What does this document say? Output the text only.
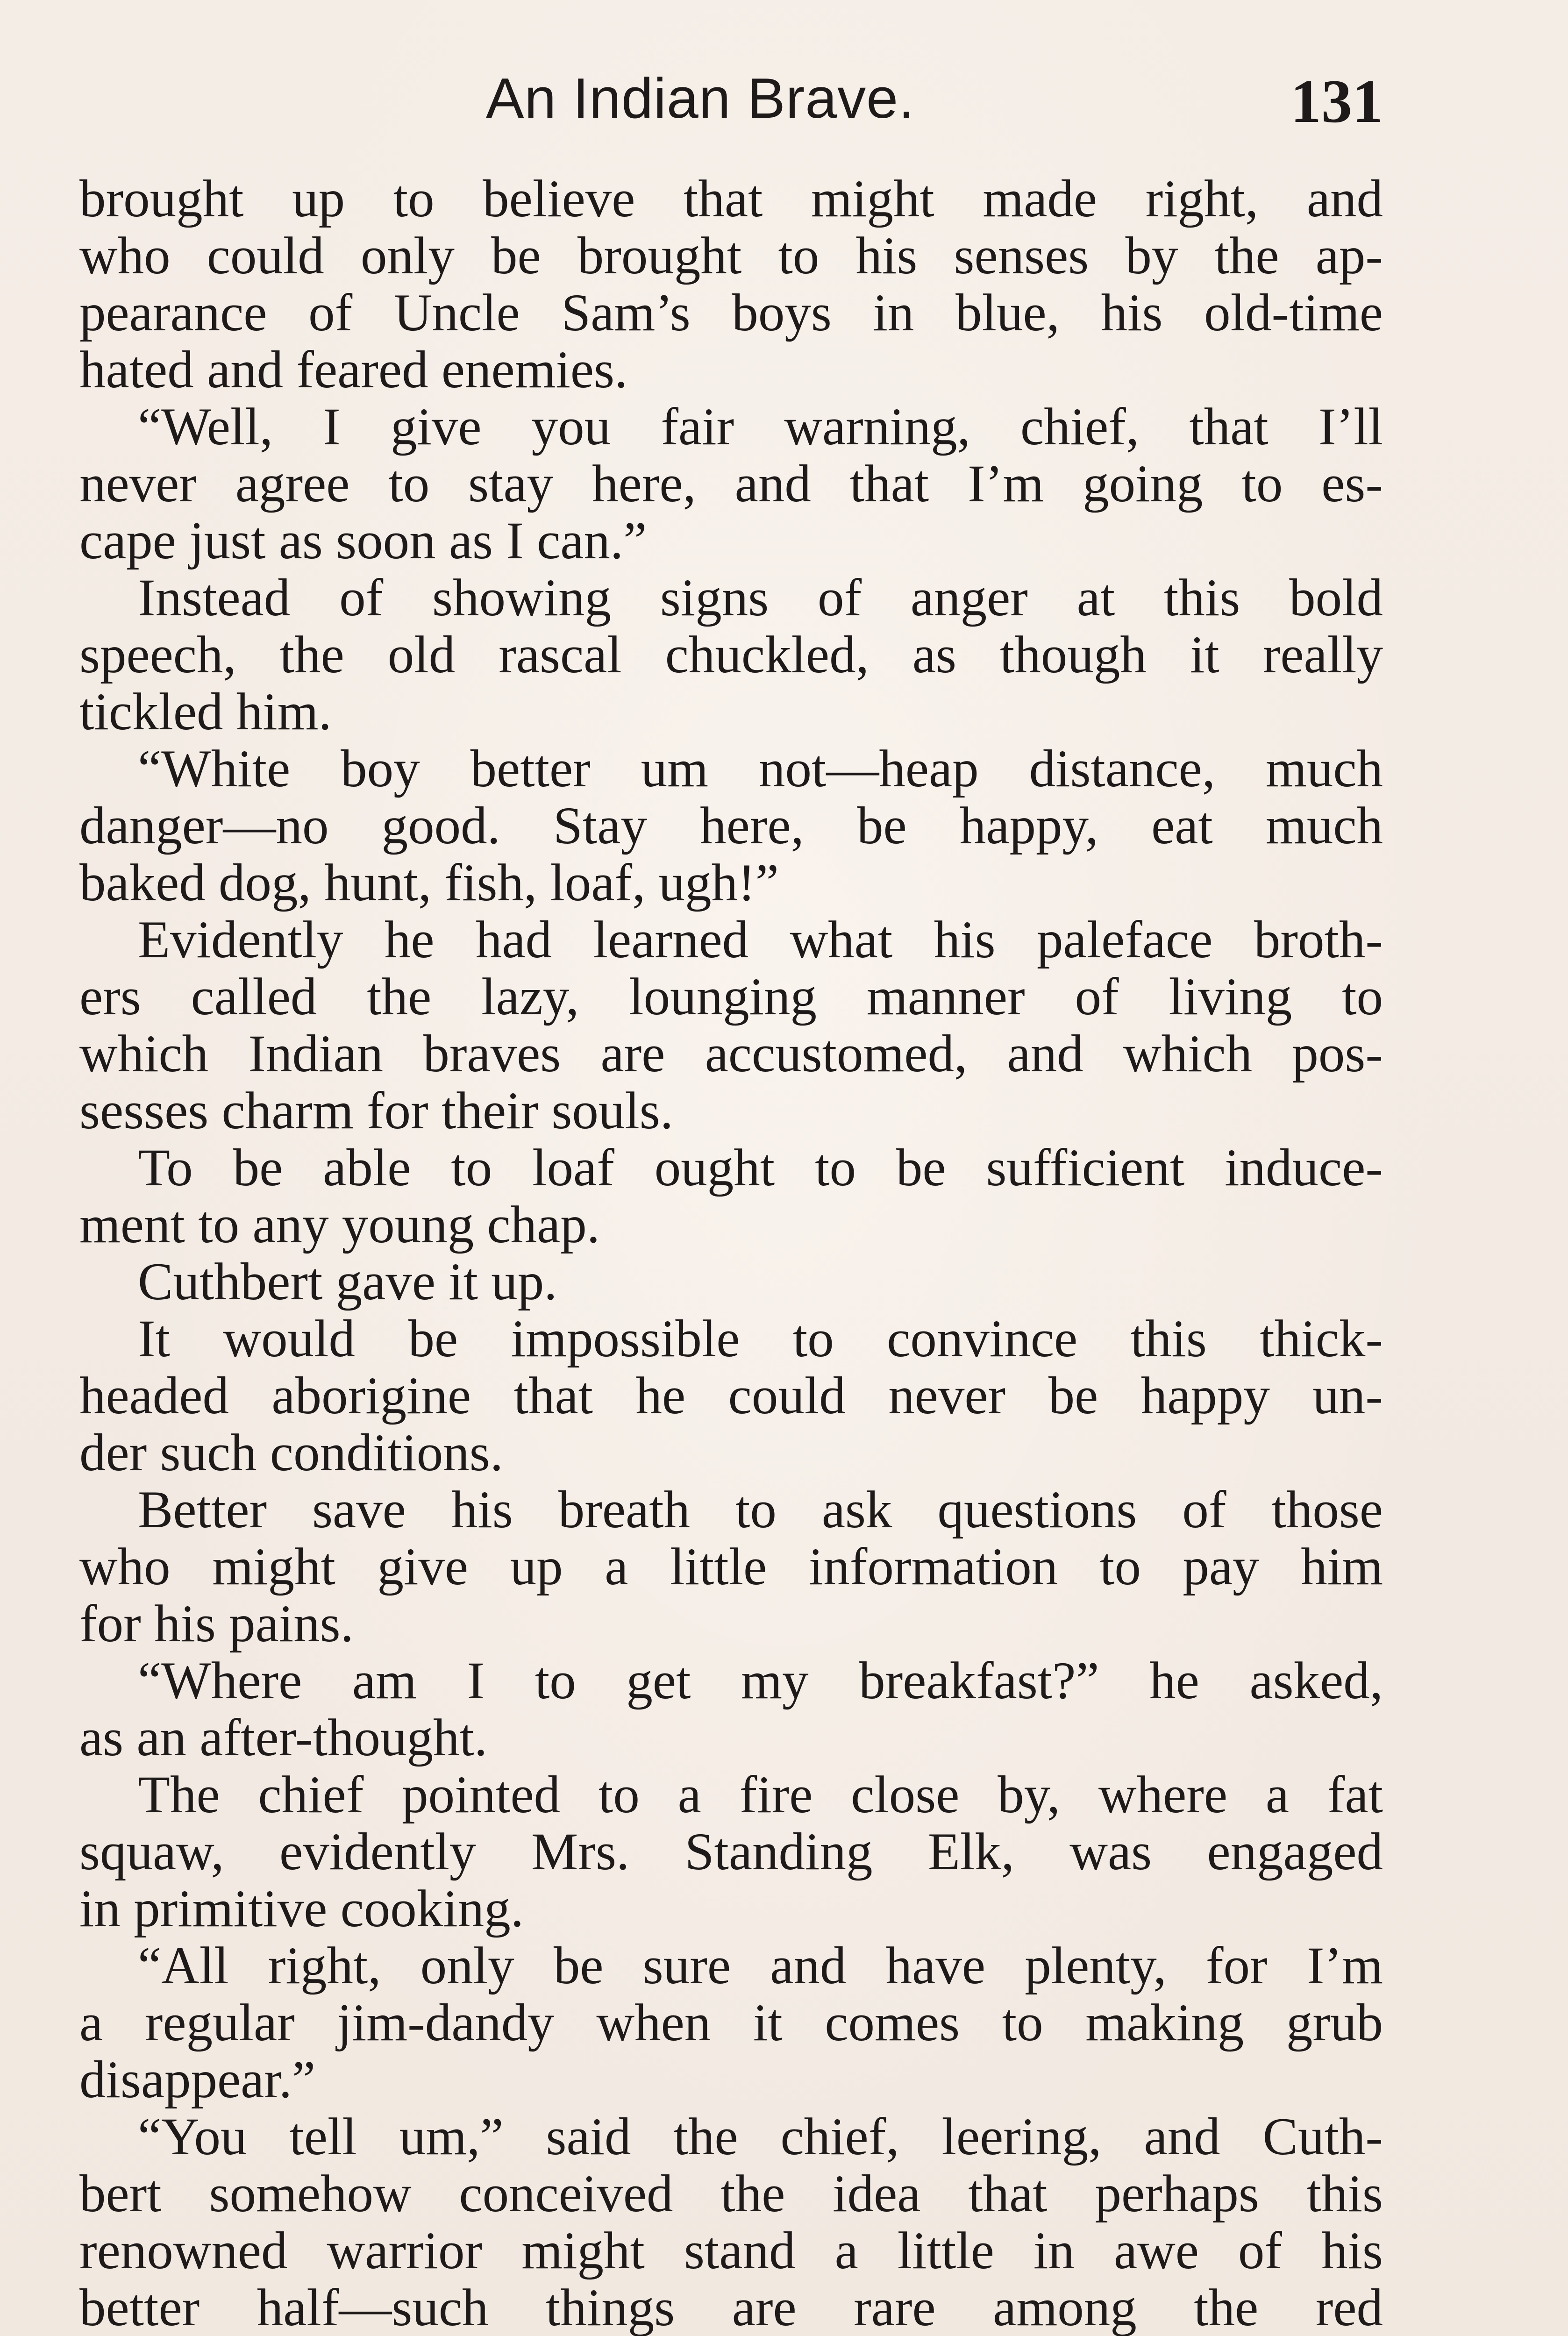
An Indian Brave.	131
brought up to believe that might made right, and
who could only be brought to his senses by the ap-
pearance of Uncle Sam’s boys in blue, his old-time
hated and feared enemies.
“Well, I give you fair warning, chief, that I’ll
never agree to stay here, and that I’m going to es-
cape just as soon as I can.”
Instead of showing signs of anger at this bold
speech, the old rascal chuckled, as though it really
tickled him.
“White boy better um not—heap distance, much
danger—no good. Stay here, be happy, eat much
baked dog, hunt, fish, loaf, ugh!”
Evidently he had learned what his paleface broth-
ers called the lazy, lounging manner of living to
which Indian braves are accustomed, and which pos-
sesses charm for their souls.
To be able to loaf ought to be sufficient induce-
ment to any young chap.
Cuthbert gave it up.
It would be impossible to convince this thick-
headed aborigine that he could never be happy un-
der such conditions.
Better save his breath to ask questions of those
who might give up a little information to pay him
for his pains.
“Where am I to get my breakfast?” he asked,
as an after-thought.
The chief pointed to a fire close by, where a fat
squaw, evidently Mrs. Standing Elk, was engaged
in primitive cooking.
“All right, only be sure and have plenty, for I’m
a regular jim-dandy when it comes to making grub
disappear.”
“You tell um,” said the chief, leering, and Cuth-
bert somehow conceived the idea that perhaps this
renowned warrior might stand a little in awe of his
better half—such things are rare among the red
